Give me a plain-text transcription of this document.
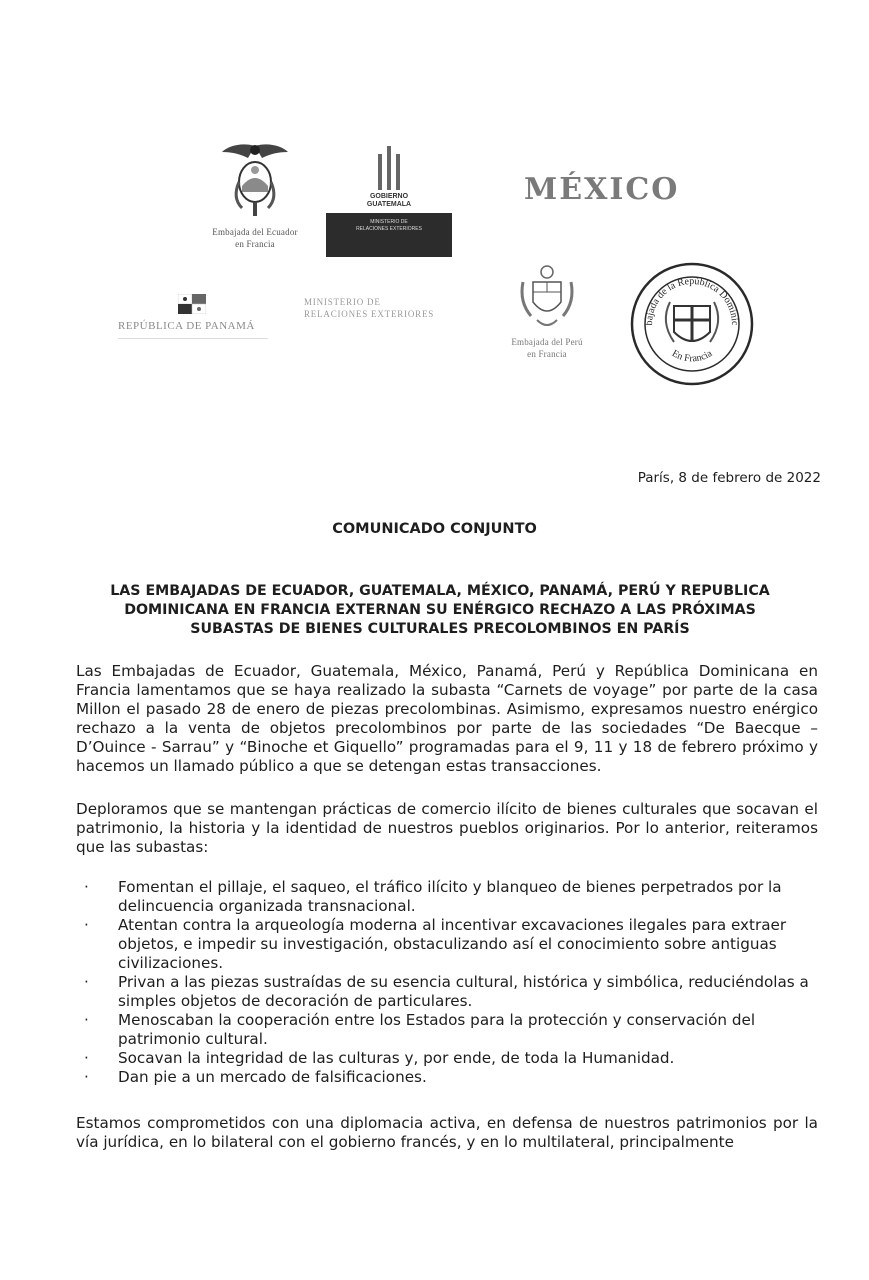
Embajada del Ecuador
en Francia
GOBIERNO
GUATEMALA
MINISTERIO DE
RELACIONES EXTERIORES
MÉXICO
REPÚBLICA DE PANAMÁ
MINISTERIO DE
RELACIONES EXTERIORES
Embajada del Perú
en Francia
bajada de la República Dominic
En Francia
París, 8 de febrero de 2022
COMUNICADO CONJUNTO
LAS EMBAJADAS DE ECUADOR, GUATEMALA, MÉXICO, PANAMÁ, PERÚ Y REPUBLICA
DOMINICANA EN FRANCIA EXTERNAN SU ENÉRGICO RECHAZO A LAS PRÓXIMAS
SUBASTAS DE BIENES CULTURALES PRECOLOMBINOS EN PARÍS
Las Embajadas de Ecuador, Guatemala, México, Panamá, Perú y República Dominicana en Francia lamentamos que se haya realizado la subasta “Carnets de voyage” por parte de la casa Millon el pasado 28 de enero de piezas precolombinas. Asimismo, expresamos nuestro enérgico rechazo a la venta de objetos precolombinos por parte de las sociedades “De Baecque – D’Ouince - Sarrau” y “Binoche et Giquello” programadas para el 9, 11 y 18 de febrero próximo y hacemos un llamado público a que se detengan estas transacciones.
Deploramos que se mantengan prácticas de comercio ilícito de bienes culturales que socavan el patrimonio, la historia y la identidad de nuestros pueblos originarios. Por lo anterior, reiteramos que las subastas:
· Fomentan el pillaje, el saqueo, el tráfico ilícito y blanqueo de bienes perpetrados por la delincuencia organizada transnacional.
· Atentan contra la arqueología moderna al incentivar excavaciones ilegales para extraer objetos, e impedir su investigación, obstaculizando así el conocimiento sobre antiguas civilizaciones.
· Privan a las piezas sustraídas de su esencia cultural, histórica y simbólica, reduciéndolas a simples objetos de decoración de particulares.
· Menoscaban la cooperación entre los Estados para la protección y conservación del patrimonio cultural.
· Socavan la integridad de las culturas y, por ende, de toda la Humanidad.
· Dan pie a un mercado de falsificaciones.
Estamos comprometidos con una diplomacia activa, en defensa de nuestros patrimonios por la vía jurídica, en lo bilateral con el gobierno francés, y en lo multilateral, principalmente
